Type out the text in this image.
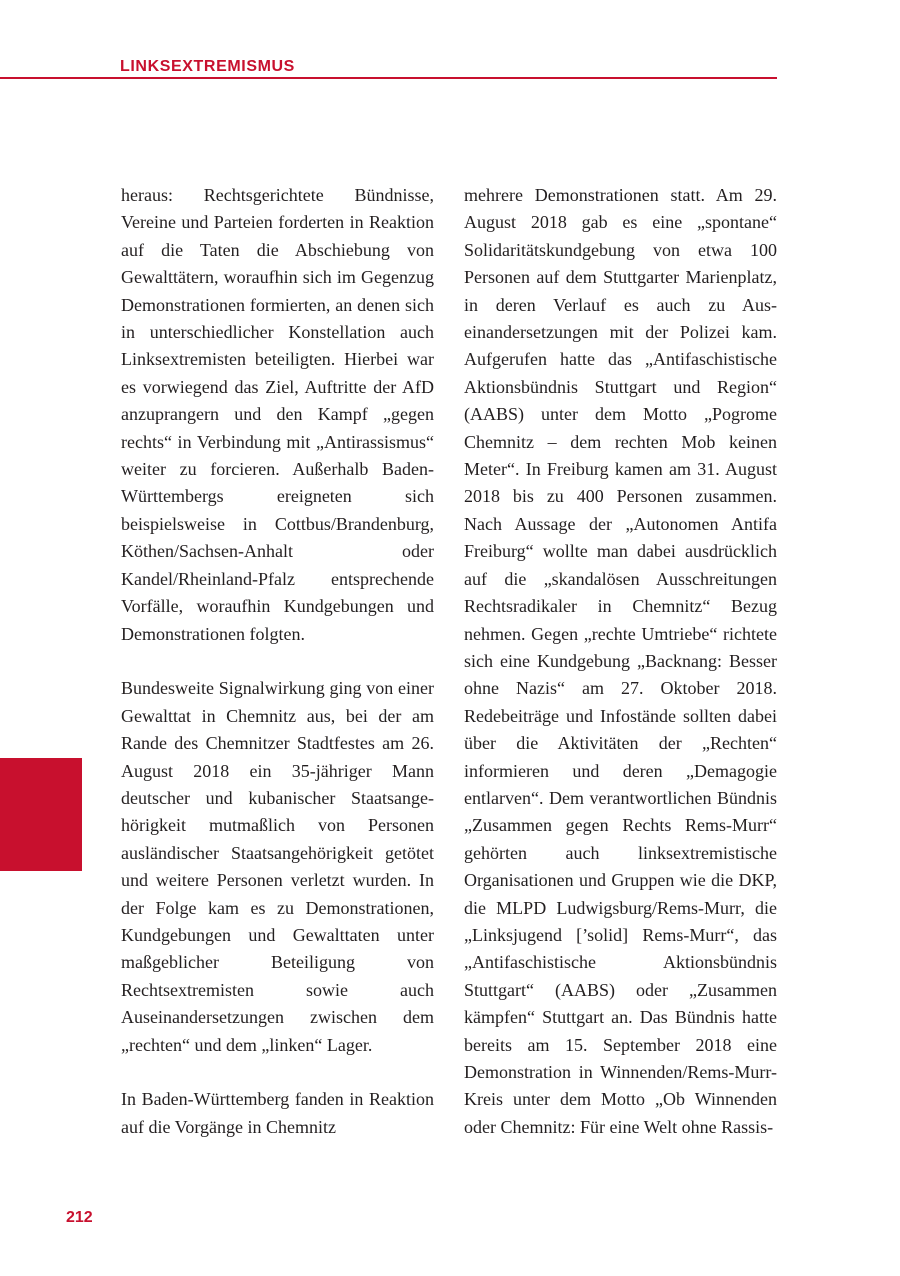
LINKSEXTREMISMUS

heraus: Rechtsgerichtete Bündnisse, Vereine und Parteien forderten in Reaktion auf die Taten die Abschiebung von Gewalttätern, woraufhin sich im Gegenzug Demonstrationen formierten, an denen sich in unterschiedlicher Konstellation auch Linksextremisten beteiligten. Hierbei war es vorwiegend das Ziel, Auftritte der AfD anzuprangern und den Kampf „gegen rechts“ in Verbindung mit „Antirassismus“ weiter zu forcieren. Außerhalb Baden-Württembergs ereigneten sich beispielsweise in Cottbus/Brandenburg, Köthen/Sachsen-Anhalt oder Kandel/Rheinland-Pfalz entsprechende Vorfälle, woraufhin Kundgebungen und Demonstrationen folgten.

Bundesweite Signalwirkung ging von einer Gewalttat in Chemnitz aus, bei der am Rande des Chemnitzer Stadtfestes am 26. August 2018 ein 35-jähriger Mann deutscher und kubanischer Staatsangehörigkeit mutmaßlich von Personen ausländischer Staatsangehörigkeit getötet und weitere Personen verletzt wurden. In der Folge kam es zu Demonstrationen, Kundgebungen und Gewalttaten unter maßgeblicher Beteiligung von Rechtsextremisten sowie auch Auseinandersetzungen zwischen dem „rechten“ und dem „linken“ Lager.

In Baden-Württemberg fanden in Reaktion auf die Vorgänge in Chemnitz

mehrere Demonstrationen statt. Am 29. August 2018 gab es eine „spontane“ Solidaritätskundgebung von etwa 100 Personen auf dem Stuttgarter Marienplatz, in deren Verlauf es auch zu Auseinandersetzungen mit der Polizei kam. Aufgerufen hatte das „Antifaschistische Aktionsbündnis Stuttgart und Region“ (AABS) unter dem Motto „Pogrome Chemnitz – dem rechten Mob keinen Meter“. In Freiburg kamen am 31. August 2018 bis zu 400 Personen zusammen. Nach Aussage der „Autonomen Antifa Freiburg“ wollte man dabei ausdrücklich auf die „skandalösen Ausschreitungen Rechtsradikaler in Chemnitz“ Bezug nehmen. Gegen „rechte Umtriebe“ richtete sich eine Kundgebung „Backnang: Besser ohne Nazis“ am 27. Oktober 2018. Redebeiträge und Infostände sollten dabei über die Aktivitäten der „Rechten“ informieren und deren „Demagogie entlarven“. Dem verantwortlichen Bündnis „Zusammen gegen Rechts Rems-Murr“ gehörten auch linksextremistische Organisationen und Gruppen wie die DKP, die MLPD Ludwigsburg/Rems-Murr, die „Linksjugend [’solid] Rems-Murr“, das „Antifaschistische Aktionsbündnis Stuttgart“ (AABS) oder „Zusammen kämpfen“ Stuttgart an. Das Bündnis hatte bereits am 15. September 2018 eine Demonstration in Winnenden/Rems-Murr-Kreis unter dem Motto „Ob Winnenden oder Chemnitz: Für eine Welt ohne Rassis-

212
